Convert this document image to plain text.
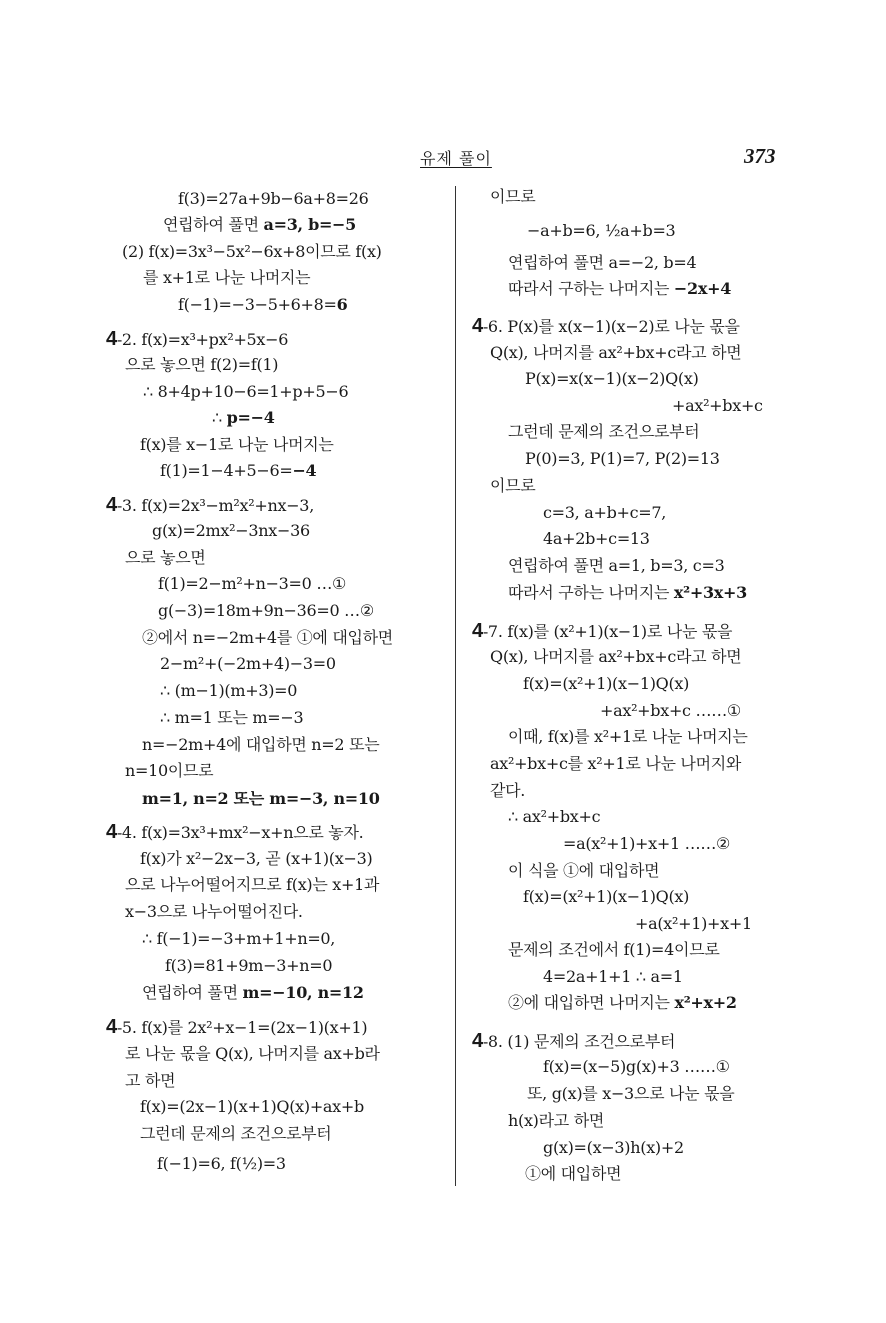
유제 풀이	373
f(3)=27a+9b−6a+8=26
연립하여 풀면 a=3, b=−5
(2) f(x)=3x³−5x²−6x+8이므로 f(x)
를 x+1로 나눈 나머지는
f(−1)=−3−5+6+8=6
4-2. f(x)=x³+px²+5x−6
으로 놓으면 f(2)=f(1)
∴ 8+4p+10−6=1+p+5−6
∴ p=−4
f(x)를 x−1로 나눈 나머지는
f(1)=1−4+5−6=−4
4-3. f(x)=2x³−m²x²+nx−3,
g(x)=2mx²−3nx−36
으로 놓으면
f(1)=2−m²+n−3=0 …①
g(−3)=18m+9n−36=0 …②
②에서 n=−2m+4를 ①에 대입하면
2−m²+(−2m+4)−3=0
∴ (m−1)(m+3)=0
∴ m=1 또는 m=−3
n=−2m+4에 대입하면 n=2 또는
n=10이므로
m=1, n=2 또는 m=−3, n=10
4-4. f(x)=3x³+mx²−x+n으로 놓자.
f(x)가 x²−2x−3, 곧 (x+1)(x−3)
으로 나누어떨어지므로 f(x)는 x+1과
x−3으로 나누어떨어진다.
∴ f(−1)=−3+m+1+n=0,
f(3)=81+9m−3+n=0
연립하여 풀면 m=−10, n=12
4-5. f(x)를 2x²+x−1=(2x−1)(x+1)
로 나눈 몫을 Q(x), 나머지를 ax+b라
고 하면
f(x)=(2x−1)(x+1)Q(x)+ax+b
그런데 문제의 조건으로부터
f(−1)=6, f(½)=3
이므로
−a+b=6, ½a+b=3
연립하여 풀면 a=−2, b=4
따라서 구하는 나머지는 −2x+4
4-6. P(x)를 x(x−1)(x−2)로 나눈 몫을
Q(x), 나머지를 ax²+bx+c라고 하면
P(x)=x(x−1)(x−2)Q(x)
+ax²+bx+c
그런데 문제의 조건으로부터
P(0)=3, P(1)=7, P(2)=13
이므로
c=3, a+b+c=7,
4a+2b+c=13
연립하여 풀면 a=1, b=3, c=3
따라서 구하는 나머지는 x²+3x+3
4-7. f(x)를 (x²+1)(x−1)로 나눈 몫을
Q(x), 나머지를 ax²+bx+c라고 하면
f(x)=(x²+1)(x−1)Q(x)
+ax²+bx+c ……①
이때, f(x)를 x²+1로 나눈 나머지는
ax²+bx+c를 x²+1로 나눈 나머지와
같다.
∴ ax²+bx+c
=a(x²+1)+x+1 ……②
이 식을 ①에 대입하면
f(x)=(x²+1)(x−1)Q(x)
+a(x²+1)+x+1
문제의 조건에서 f(1)=4이므로
4=2a+1+1 ∴ a=1
②에 대입하면 나머지는 x²+x+2
4-8. (1) 문제의 조건으로부터
f(x)=(x−5)g(x)+3 ……①
또, g(x)를 x−3으로 나눈 몫을
h(x)라고 하면
g(x)=(x−3)h(x)+2
①에 대입하면
